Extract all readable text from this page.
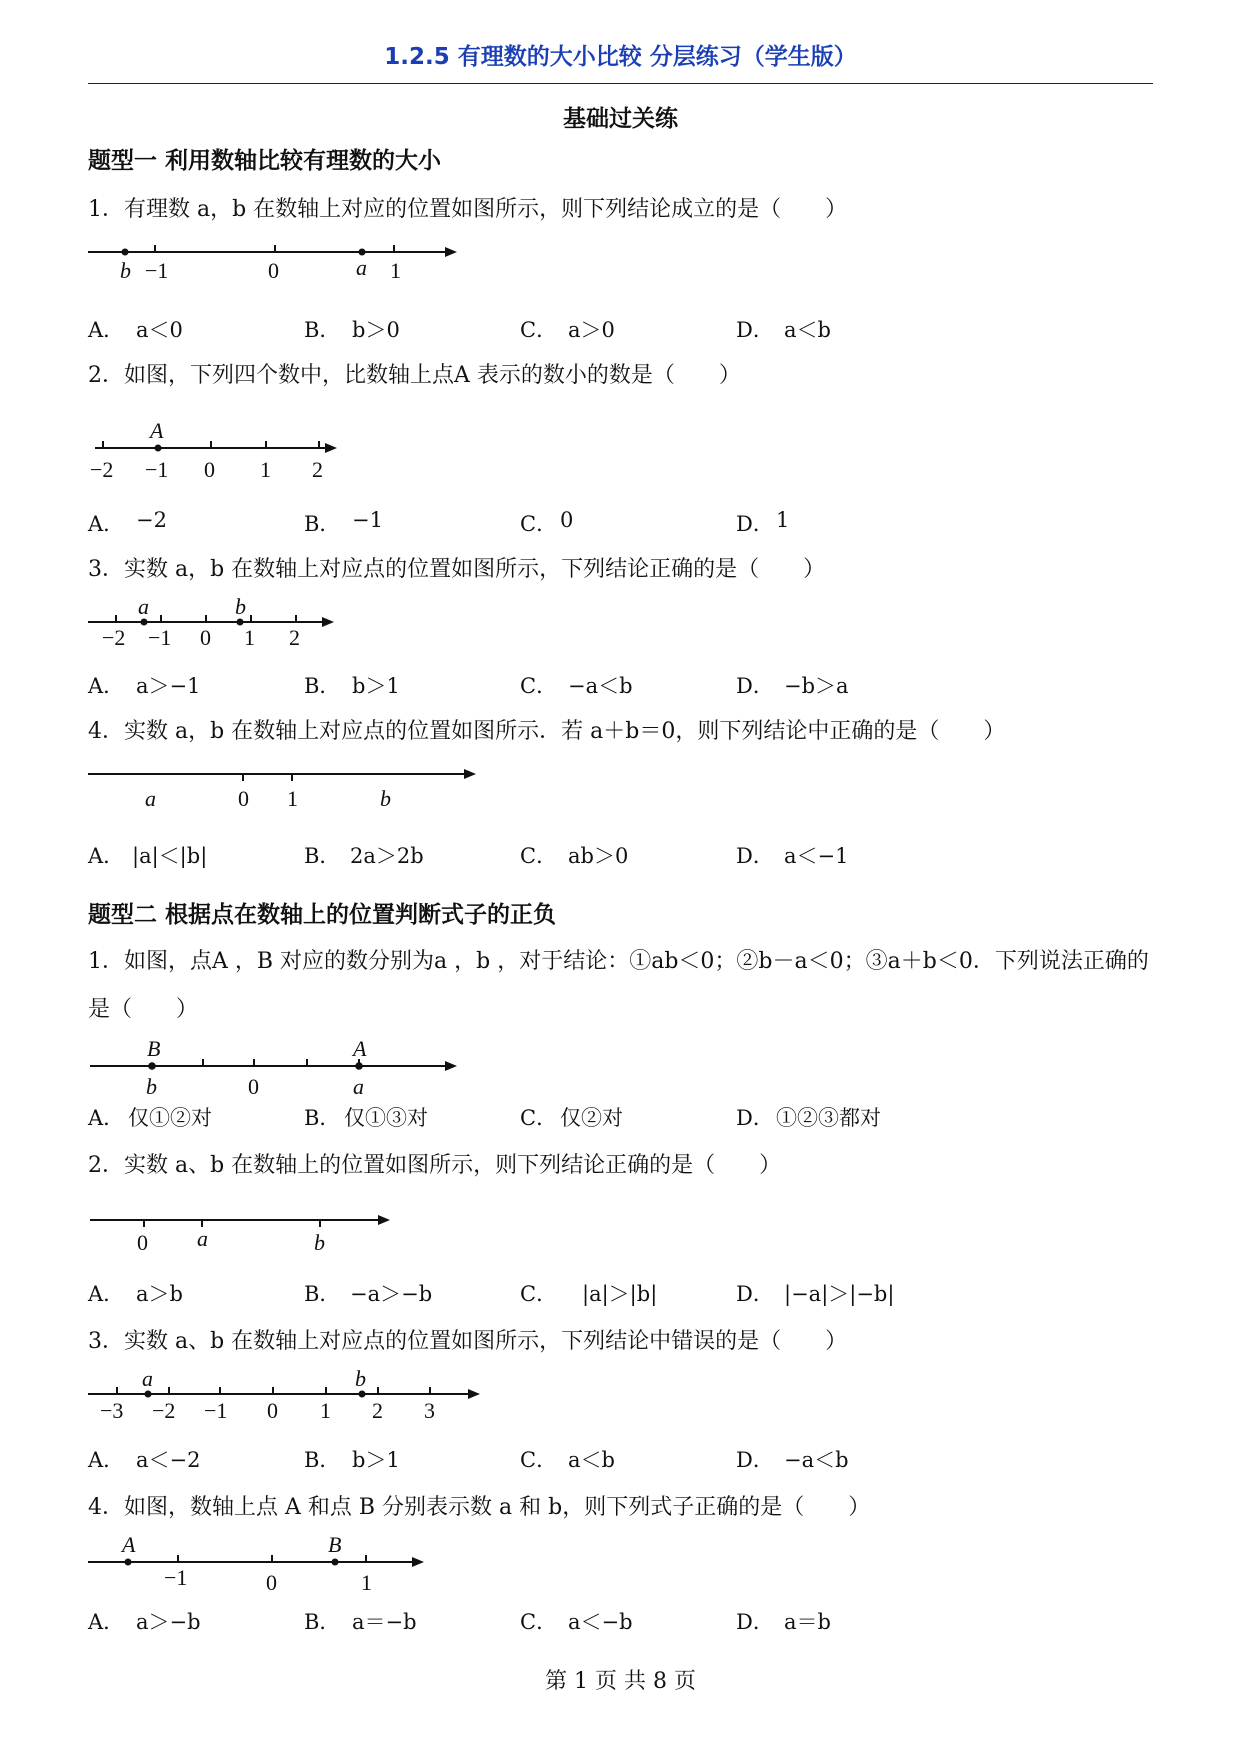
1.2.5 有理数的大小比较 分层练习（学生版）
基础过关练
题型一 利用数轴比较有理数的大小
1．有理数 a，b 在数轴上对应的位置如图所示，则下列结论成立的是（　　）
b −1	0	a 1
A． a＜0	B． b＞0	C． a＞0	D． a＜b
2．如图，下列四个数中，比数轴上点A 表示的数小的数是（　　）
A
−2 −1 0 1 2
A． −2	B． −1	C． 0	D． 1
3．实数 a，b 在数轴上对应点的位置如图所示，下列结论正确的是（　　）
a	b
−2 −1 0 1 2
A． a＞−1	B． b＞1	C． −a＜b	D． −b＞a
4．实数 a，b 在数轴上对应点的位置如图所示．若 a＋b＝0，则下列结论中正确的是（　　）
a	0 1	b
A． |a|＜|b|	B． 2a＞2b	C． ab＞0	D． a＜−1
题型二 根据点在数轴上的位置判断式子的正负
1．如图，点A ，B 对应的数分别为a ，b ，对于结论：①ab＜0；②b－a＜0；③a＋b＜0．下列说法正确的是（　　）
B	A
b	0	a
A． 仅①②对	B． 仅①③对	C． 仅②对	D． ①②③都对
2．实数 a、b 在数轴上的位置如图所示，则下列结论正确的是（　　）
0 a	b
A． a＞b	B． −a＞−b	C． |a|＞|b|	D． |−a|＞|−b|
3．实数 a、b 在数轴上对应点的位置如图所示，下列结论中错误的是（　　）
a	b
−3 −2 −1 0 1 2 3
A． a＜−2	B． b＞1	C． a＜b	D． −a＜b
4．如图，数轴上点 A 和点 B 分别表示数 a 和 b，则下列式子正确的是（　　）
A	B
−1	0	1
A． a＞−b	B． a＝−b	C． a＜−b	D． a＝b
第 1 页 共 8 页
